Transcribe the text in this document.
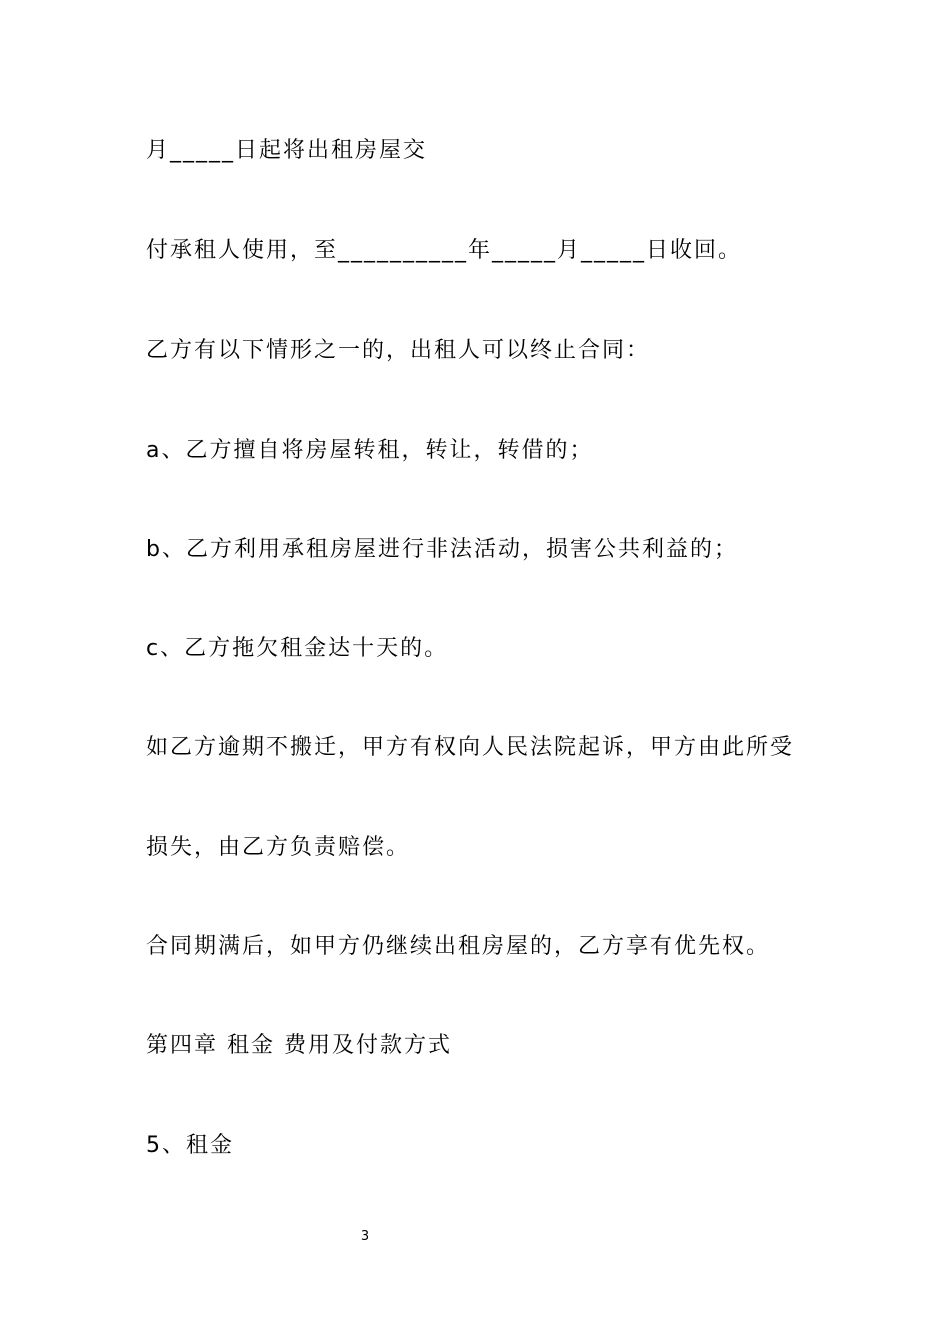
月_____日起将出租房屋交
付承租人使用，至__________年_____月_____日收回。
乙方有以下情形之一的，出租人可以终止合同：
a、乙方擅自将房屋转租，转让，转借的；
b、乙方利用承租房屋进行非法活动，损害公共利益的；
c、乙方拖欠租金达十天的。
如乙方逾期不搬迁，甲方有权向人民法院起诉，甲方由此所受
损失，由乙方负责赔偿。
合同期满后，如甲方仍继续出租房屋的，乙方享有优先权。
第四章 租金 费用及付款方式
5、租金
3
